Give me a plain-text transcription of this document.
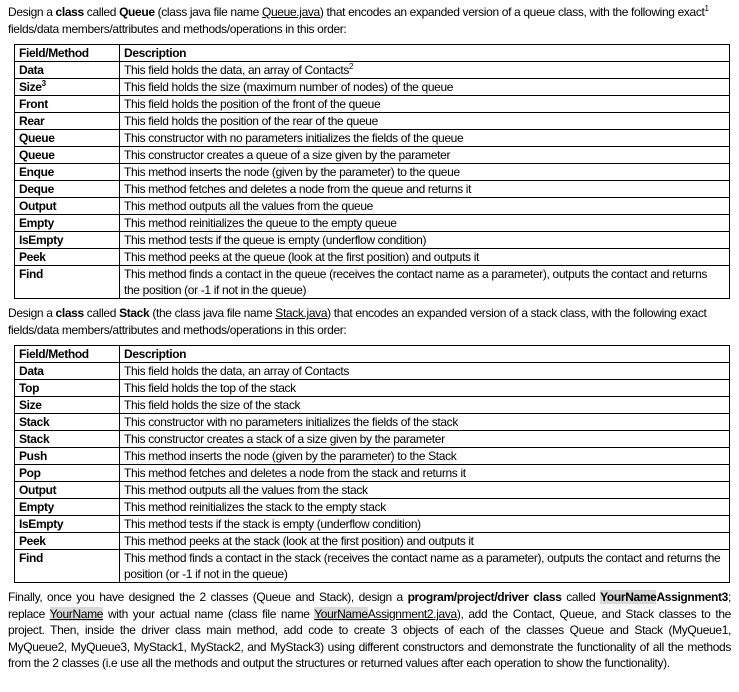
Design a class called Queue (class java file name Queue.java) that encodes an expanded version of a queue class, with the following exact$^1$ fields/data members/attributes and methods/operations in this order:

Field/Method	Description
Data	This field holds the data, an array of Contacts$^2$
Size$^3$	This field holds the size (maximum number of nodes) of the queue
Front	This field holds the position of the front of the queue
Rear	This field holds the position of the rear of the queue
Queue	This constructor with no parameters initializes the fields of the queue
Queue	This constructor creates a queue of a size given by the parameter
Enque	This method inserts the node (given by the parameter) to the queue
Deque	This method fetches and deletes a node from the queue and returns it
Output	This method outputs all the values from the queue
Empty	This method reinitializes the queue to the empty queue
IsEmpty	This method tests if the queue is empty (underflow condition)
Peek	This method peeks at the queue (look at the first position) and outputs it
Find	This method finds a contact in the queue (receives the contact name as a parameter), outputs the contact and returns the position (or -1 if not in the queue)

Design a class called Stack (the class java file name Stack.java) that encodes an expanded version of a stack class, with the following exact fields/data members/attributes and methods/operations in this order:

Field/Method	Description
Data	This field holds the data, an array of Contacts
Top	This field holds the top of the stack
Size	This field holds the size of the stack
Stack	This constructor with no parameters initializes the fields of the stack
Stack	This constructor creates a stack of a size given by the parameter
Push	This method inserts the node (given by the parameter) to the Stack
Pop	This method fetches and deletes a node from the stack and returns it
Output	This method outputs all the values from the stack
Empty	This method reinitializes the stack to the empty stack
IsEmpty	This method tests if the stack is empty (underflow condition)
Peek	This method peeks at the stack (look at the first position) and outputs it
Find	This method finds a contact in the stack (receives the contact name as a parameter), outputs the contact and returns the position (or -1 if not in the queue)

Finally, once you have designed the 2 classes (Queue and Stack), design a program/project/driver class called YourNameAssignment3; replace YourName with your actual name (class file name YourNameAssignment2.java), add the Contact, Queue, and Stack classes to the project. Then, inside the driver class main method, add code to create 3 objects of each of the classes Queue and Stack (MyQueue1, MyQueue2, MyQueue3, MyStack1, MyStack2, and MyStack3) using different constructors and demonstrate the functionality of all the methods from the 2 classes (i.e use all the methods and output the structures or returned values after each operation to show the functionality).
